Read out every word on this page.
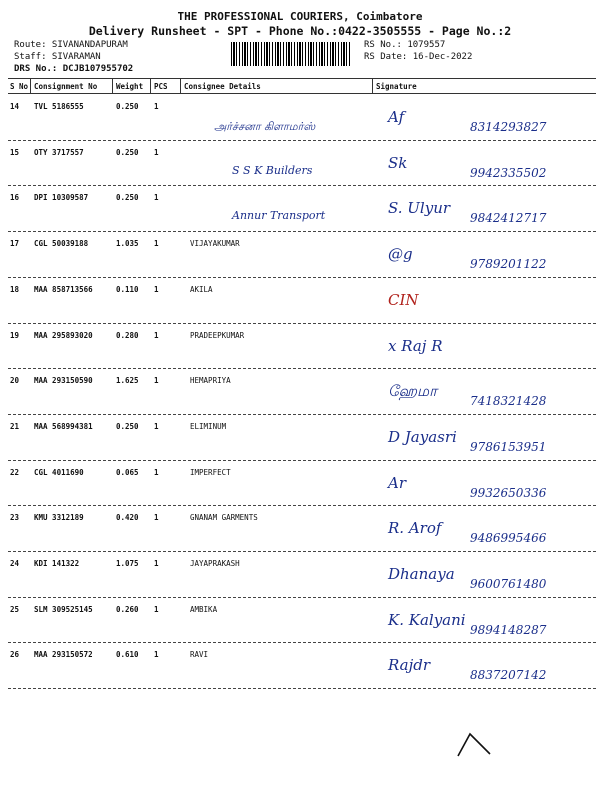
THE PROFESSIONAL COURIERS, Coimbatore
Delivery Runsheet - SPT - Phone No.:0422-3505555 - Page No.:2
Route: SIVANANDAPURAM
Staff: SIVARAMAN
DRS No.: DCJB107955702
RS No.: 1079557
RS Date: 16-Dec-2022
S No Consignment No	Weight PCS Consignee Details	Signature
14 TVL 5186555	0.250 1
அர்ச்சனா கிளாமர்ஸ்
Af
8314293827
15 OTY 3717557	0.250 1
S S K Builders	Sk
9942335502
16 DPI 10309587	0.250 1
Annur Transport	S. Ulyur
9842412717
17 CGL 50039188	1.035 1	VIJAYAKUMAR
@g
9789201122
18 MAA 858713566	0.110 1	AKILA
CIN
19 MAA 295893020	0.280 1	PRADEEPKUMAR
x Raj R
20 MAA 293150590	1.625 1	HEMAPRIYA
ஹேமா
7418321428
21 MAA 568994381	0.250 1	ELIMINUM
D Jayasri
9786153951
22 CGL 4011690	0.065 1	IMPERFECT
Ar
9932650336
23 KMU 3312189	0.420 1	GNANAM GARMENTS
R. Arof
9486995466
24 KDI 141322	1.075 1	JAYAPRAKASH
Dhanaya
9600761480
25 SLM 309525145	0.260 1	AMBIKA
K. Kalyani
9894148287
26 MAA 293150572	0.610 1	RAVI
Rajdr
8837207142
